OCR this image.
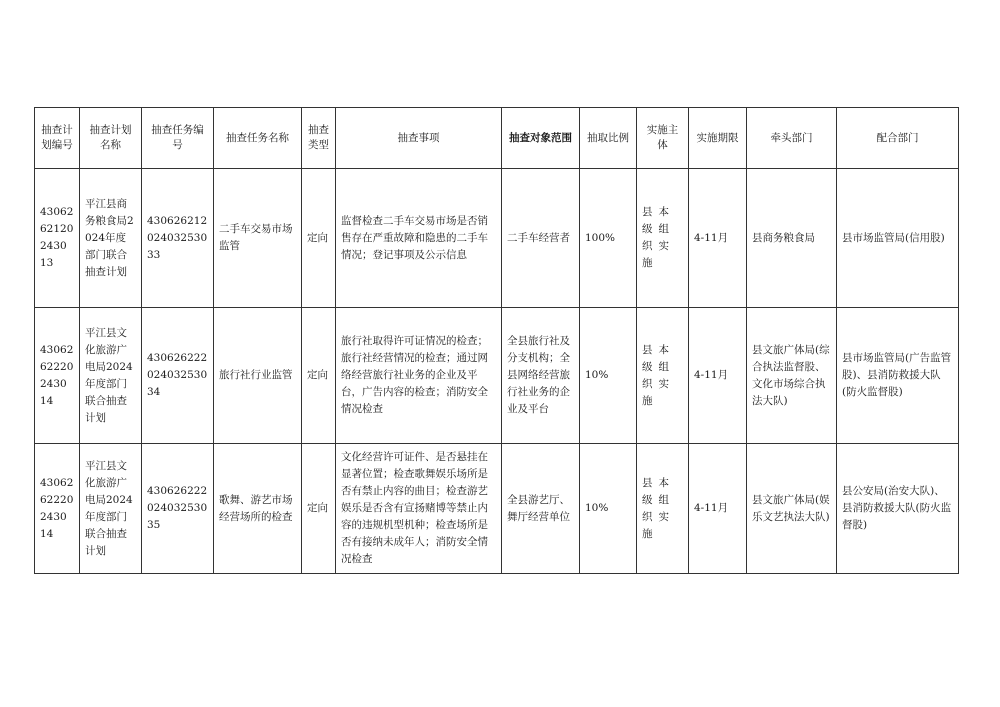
抽查计划编号	抽查计划名称	抽查任务编号	抽查任务名称	抽查类型	抽查事项	抽查对象范围	抽取比例	实施主体	实施期限	牵头部门	配合部门
43062621202430 13	平江县商务粮食局2024年度部门联合抽查计划	430626212024032530 33	二手车交易市场监管	定向	监督检查二手车交易市场是否销售存在严重故障和隐患的二手车情况；登记事项及公示信息	二手车经营者	100%	县本级组织实施	4-11月	县商务粮食局	县市场监管局(信用股)
43062622202430 14	平江县文化旅游广电局2024年度部门联合抽查计划	430626222024032530 34	旅行社行业监管	定向	旅行社取得许可证情况的检查；旅行社经营情况的检查；通过网络经营旅行社业务的企业及平台，广告内容的检查；消防安全情况检查	全县旅行社及分支机构；全县网络经营旅行社业务的企业及平台	10%	县本级组织实施	4-11月	县文旅广体局(综合执法监督股、文化市场综合执法大队)	县市场监管局(广告监管股)、县消防救援大队(防火监督股)
43062622202430 14	平江县文化旅游广电局2024年度部门联合抽查计划	430626222024032530 35	歌舞、游艺市场经营场所的检查	定向	文化经营许可证件、是否悬挂在显著位置；检查歌舞娱乐场所是否有禁止内容的曲目；检查游艺娱乐是否含有宣扬赌博等禁止内容的违规机型机种；检查场所是否有接纳未成年人；消防安全情况检查	全县游艺厅、舞厅经营单位	10%	县本级组织实施	4-11月	县文旅广体局(娱乐文艺执法大队)	县公安局(治安大队)、县消防救援大队(防火监督股)
